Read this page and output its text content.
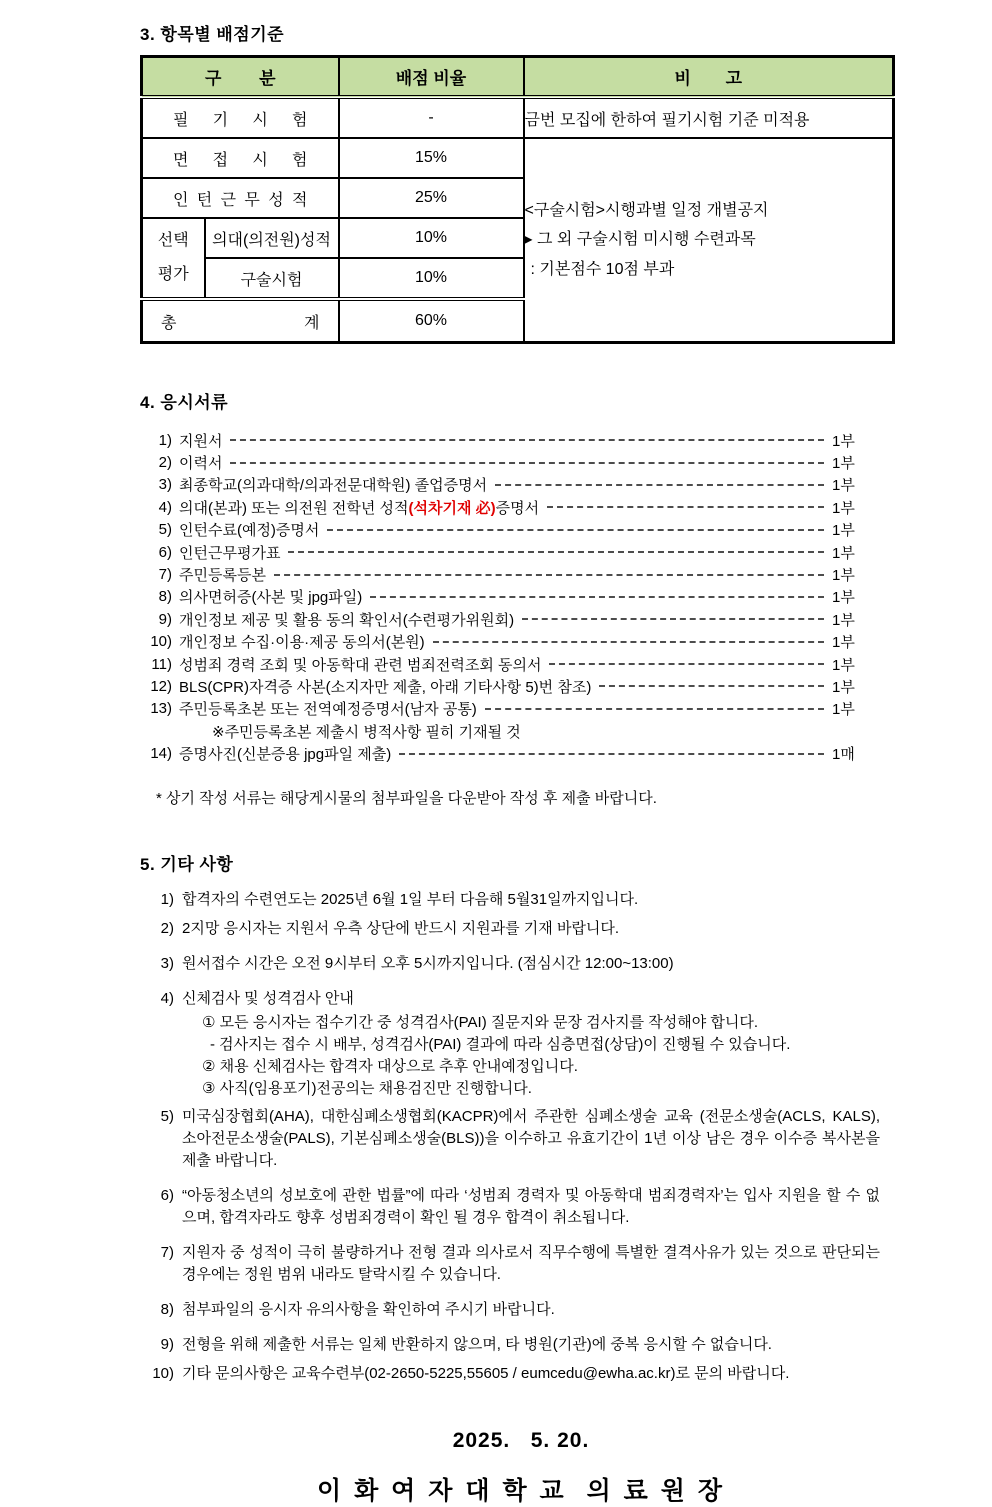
3. 항목별 배점기준
구 분		배점 비율	비 고

필 기 시 험		-	금번 모집에 한하여 필기시험 기준 미적용

면 접 시 험		15%	<구술시험>시행과별 일정 개별공지
▸ 그 외 구술시험 미시행 수련과목
: 기본점수 10점 부과

인 턴 근 무 성 적		25%	

선택
평가	의대(의전원)성적	10%	
	구술시험	10%	

총 계		60%	
4. 응시서류
1) 지원서	1부
2) 이력서	1부
3) 최종학교(의과대학/의과전문대학원) 졸업증명서	1부
4) 의대(본과) 또는 의전원 전학년 성적(석차기재 必)증명서	1부
5) 인턴수료(예정)증명서	1부
6) 인턴근무평가표	1부
7) 주민등록등본	1부
8) 의사면허증(사본 및 jpg파일)	1부
9) 개인정보 제공 및 활용 동의 확인서(수련평가위원회)	1부
10) 개인정보 수집·이용·제공 동의서(본원)	1부
11) 성범죄 경력 조회 및 아동학대 관련 범죄전력조회 동의서	1부
12) BLS(CPR)자격증 사본(소지자만 제출, 아래 기타사항 5)번 참조)	1부
13) 주민등록초본 또는 전역예정증명서(남자 공통)	1부
※주민등록초본 제출시 병적사항 필히 기재될 것
14) 증명사진(신분증용 jpg파일 제출)	1매

* 상기 작성 서류는 해당게시물의 첨부파일을 다운받아 작성 후 제출 바랍니다.

5. 기타 사항
1) 합격자의 수련연도는 2025년 6월 1일 부터 다음해 5월31일까지입니다.
2) 2지망 응시자는 지원서 우측 상단에 반드시 지원과를 기재 바랍니다.
3) 원서접수 시간은 오전 9시부터 오후 5시까지입니다. (점심시간 12:00~13:00)
4) 신체검사 및 성격검사 안내
① 모든 응시자는 접수기간 중 성격검사(PAI) 질문지와 문장 검사지를 작성해야 합니다.
- 검사지는 접수 시 배부, 성격검사(PAI) 결과에 따라 심층면접(상담)이 진행될 수 있습니다.
② 채용 신체검사는 합격자 대상으로 추후 안내예정입니다.
③ 사직(임용포기)전공의는 채용검진만 진행합니다.
5) 미국심장협회(AHA), 대한심폐소생협회(KACPR)에서 주관한 심폐소생술 교육 (전문소생술(ACLS, KALS), 소아전문소생술(PALS), 기본심폐소생술(BLS))을 이수하고 유효기간이 1년 이상 남은 경우 이수증 복사본을 제출 바랍니다.
6) “아동청소년의 성보호에 관한 법률”에 따라 ‘성범죄 경력자 및 아동학대 범죄경력자’는 입사 지원을 할 수 없으며, 합격자라도 향후 성범죄경력이 확인 될 경우 합격이 취소됩니다.
7) 지원자 중 성적이 극히 불량하거나 전형 결과 의사로서 직무수행에 특별한 결격사유가 있는 것으로 판단되는 경우에는 정원 범위 내라도 탈락시킬 수 있습니다.
8) 첨부파일의 응시자 유의사항을 확인하여 주시기 바랍니다.
9) 전형을 위해 제출한 서류는 일체 반환하지 않으며, 타 병원(기관)에 중복 응시할 수 없습니다.
10) 기타 문의사항은 교육수련부(02-2650-5225,55605 / eumcedu@ewha.ac.kr)로 문의 바랍니다.
2025.   5. 20.
이 화 여 자 대 학 교  의 료 원 장
